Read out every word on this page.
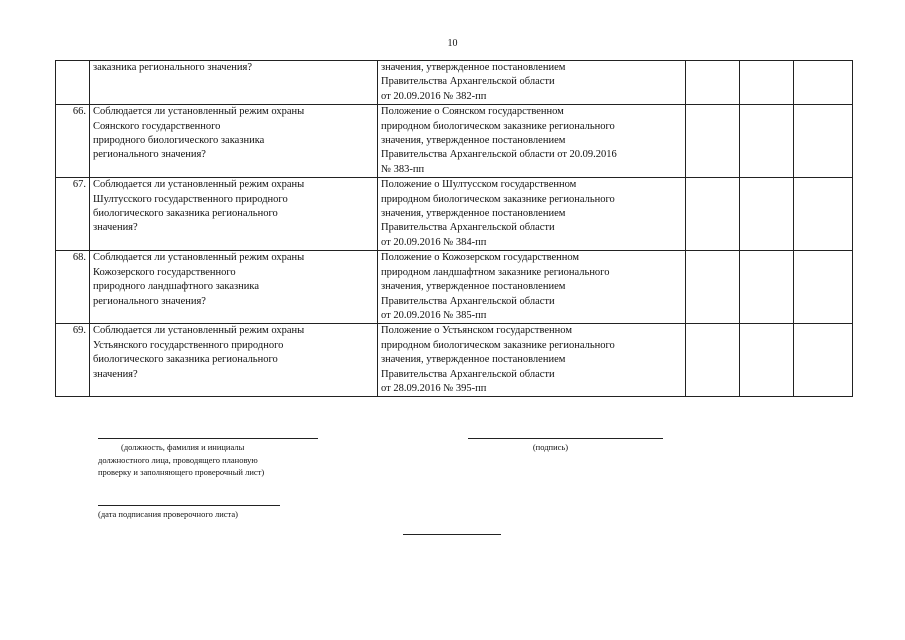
10

	заказника регионального значения?	значения, утвержденное постановлением
Правительства Архангельской области
от 20.09.2016 № 382-пп			

66.	Соблюдается ли установленный режим охраны
Соянского государственного
природного биологического заказника
регионального значения?	Положение о Соянском государственном
природном биологическом заказнике регионального
значения, утвержденное постановлением
Правительства Архангельской области от 20.09.2016
№ 383-пп			

67.	Соблюдается ли установленный режим охраны
Шултусского государственного природного
биологического заказника регионального
значения?	Положение о Шултусском государственном
природном биологическом заказнике регионального
значения, утвержденное постановлением
Правительства Архангельской области
от 20.09.2016 № 384-пп			

68.	Соблюдается ли установленный режим охраны
Кожозерского государственного
природного ландшафтного заказника
регионального значения?	Положение о Кожозерском государственном
природном ландшафтном заказнике регионального
значения, утвержденное постановлением
Правительства Архангельской области
от 20.09.2016 № 385-пп			

69.	Соблюдается ли установленный режим охраны
Устьянского государственного природного
биологического заказника регионального
значения?	Положение о Устьянском государственном
природном биологическом заказнике регионального
значения, утвержденное постановлением
Правительства Архангельской области
от 28.09.2016 № 395-пп			

(должность, фамилия и инициалы
должностного лица, проводящего плановую
проверку и заполняющего проверочный лист)
(подпись)
(дата подписания проверочного листа)
